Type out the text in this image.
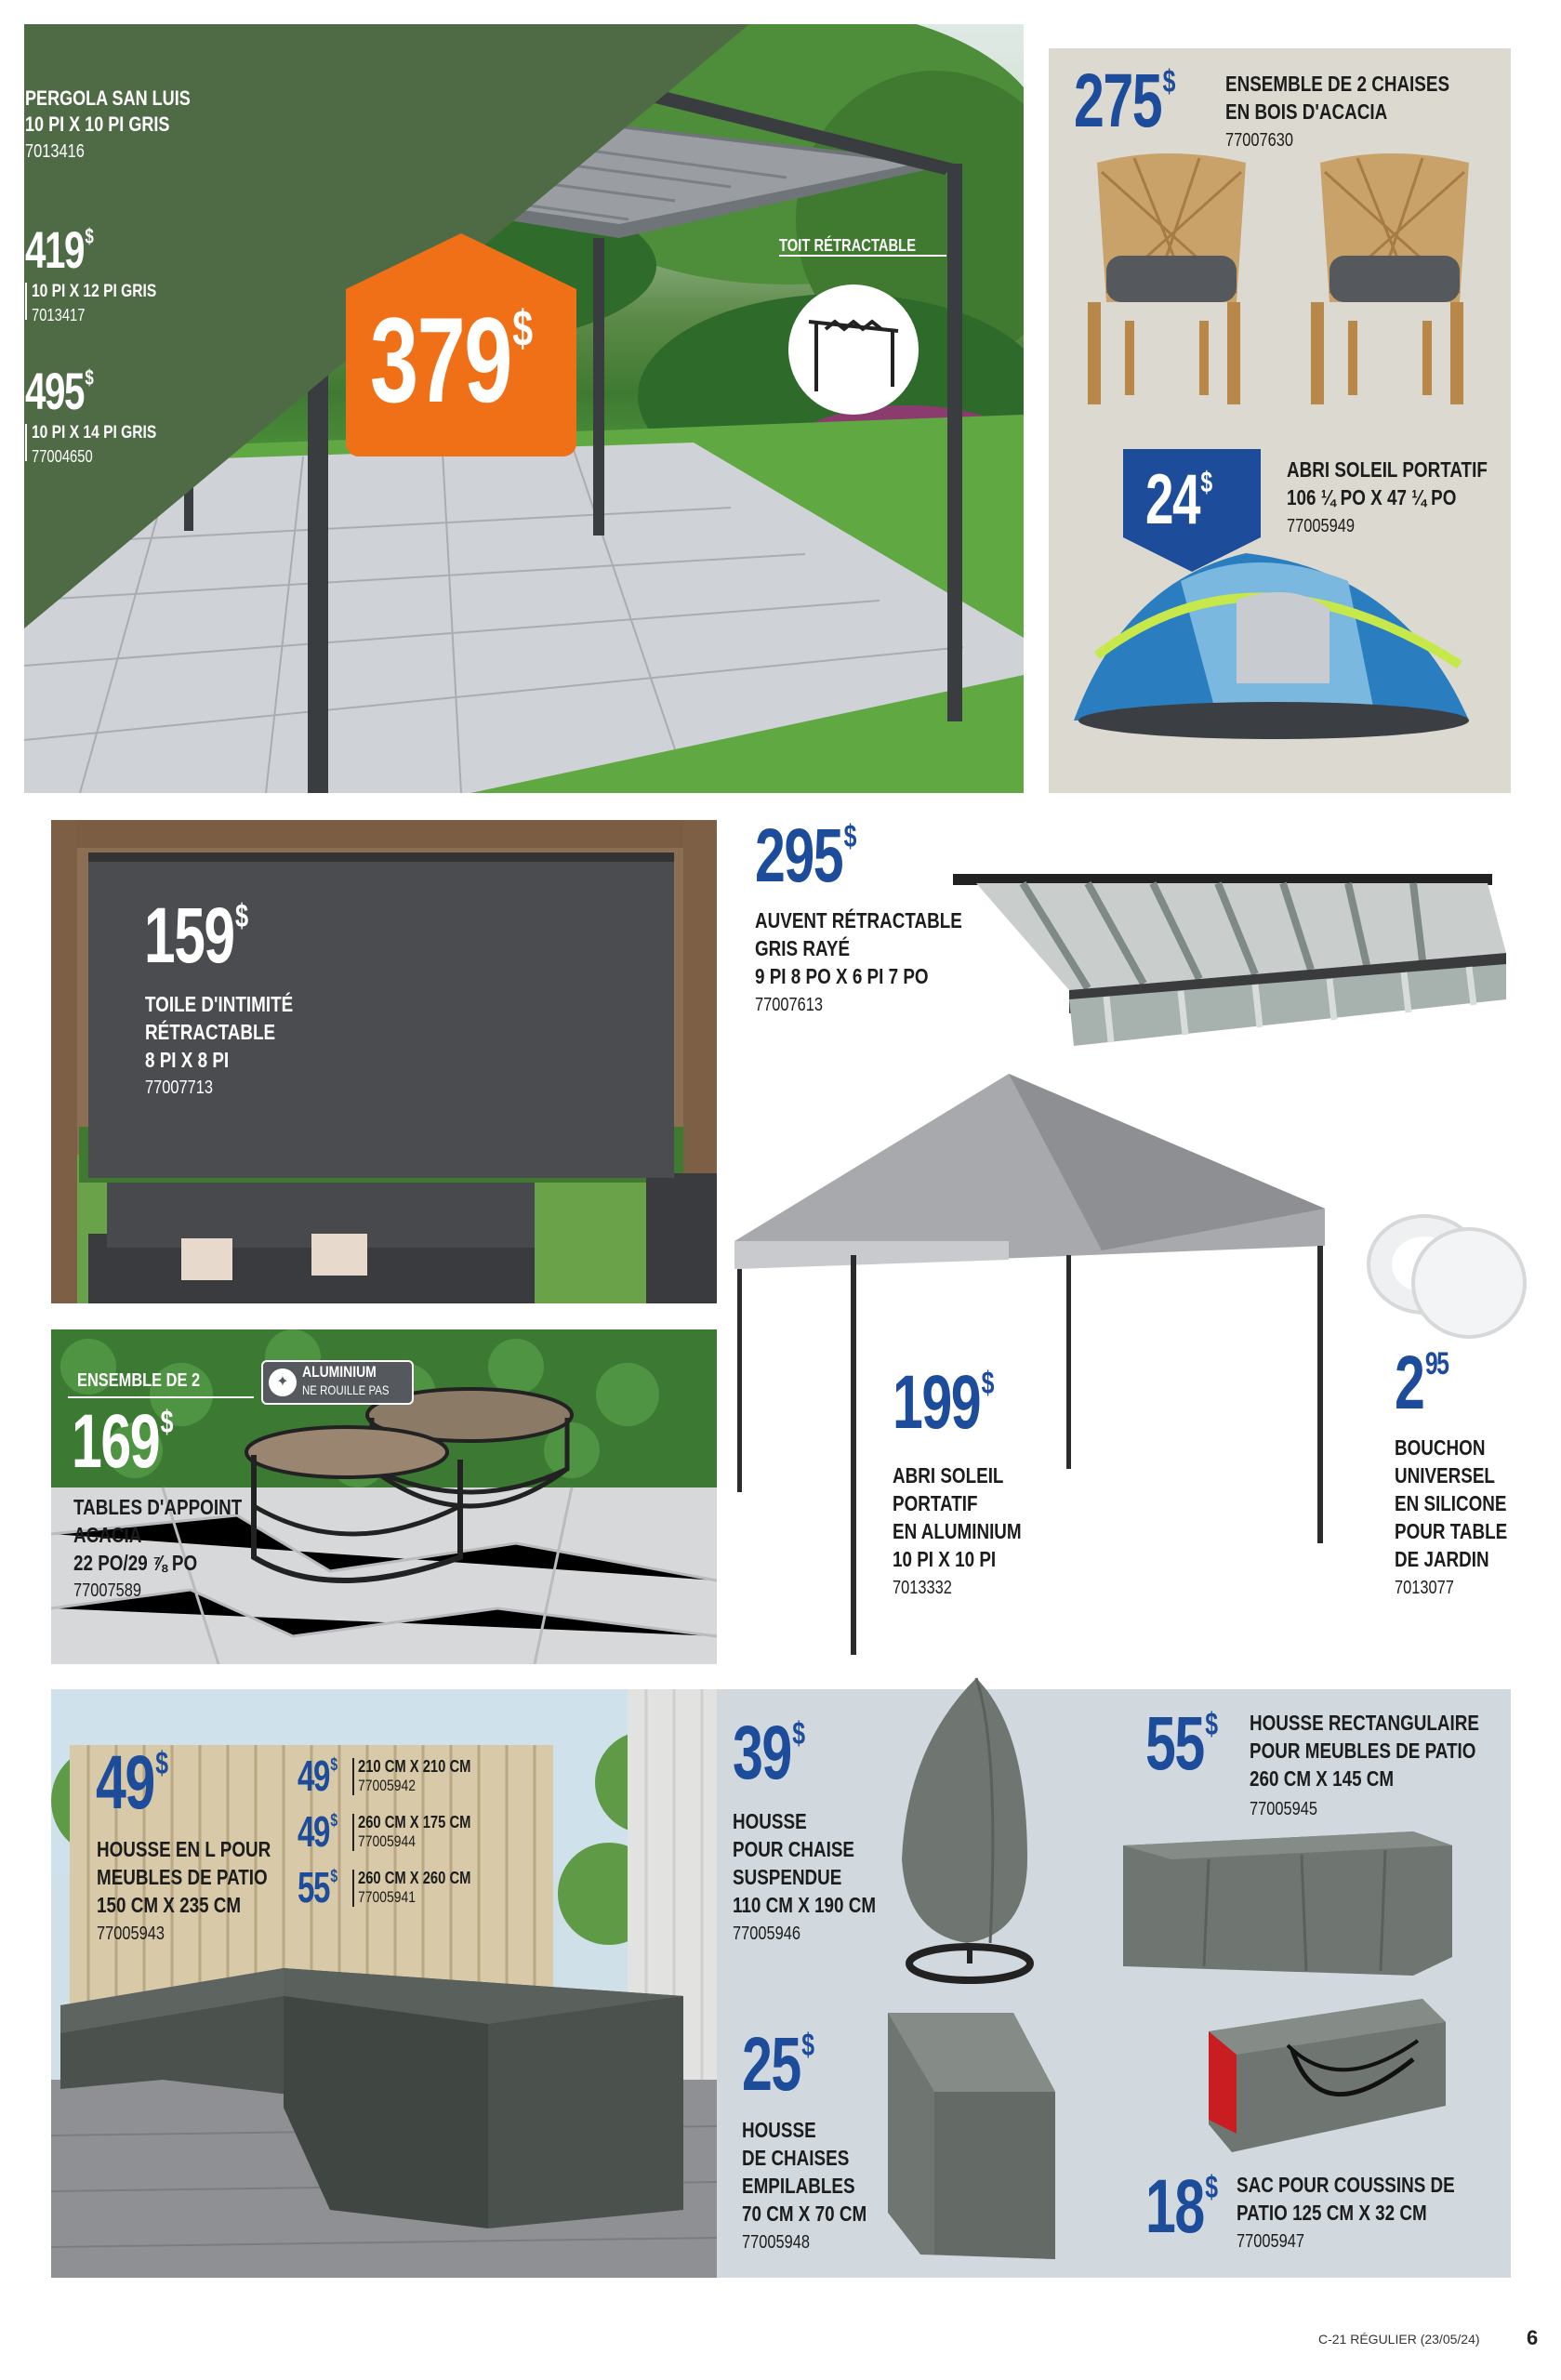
PERGOLA SAN LUIS
10 PI X 10 PI GRIS
7013416
419$
10 PI X 12 PI GRIS
7013417
495$
10 PI X 14 PI GRIS
77004650
379$
TOIT RÉTRACTABLE
275$ ENSEMBLE DE 2 CHAISES
EN BOIS D'ACACIA
77007630
24$	ABRI SOLEIL PORTATIF
106 ¼ PO X 47 ¼ PO
77005949
159$
TOILE D'INTIMITÉ
RÉTRACTABLE
8 PI X 8 PI
77007713
295$
AUVENT RÉTRACTABLE
GRIS RAYÉ
9 PI 8 PO X 6 PI 7 PO
77007613
199$
ABRI SOLEIL
PORTATIF
EN ALUMINIUM
10 PI X 10 PI
7013332
$2^{95}$
BOUCHON
UNIVERSEL
EN SILICONE
POUR TABLE
DE JARDIN
7013077
ENSEMBLE DE 2	✦
ALUMINIUM
NE ROUILLE PAS
169$
TABLES D'APPOINT
ACACIA
22 PO/29 ⅞ PO
77007589
49$
HOUSSE EN L POUR
MEUBLES DE PATIO
150 CM X 235 CM
77005943
49$ 210 CM X 210 CM
77005942
49$ 260 CM X 175 CM
77005944
55$ 260 CM X 260 CM
77005941
39$
HOUSSE
POUR CHAISE
SUSPENDUE
110 CM X 190 CM
77005946
55$ HOUSSE RECTANGULAIRE
POUR MEUBLES DE PATIO
260 CM X 145 CM
77005945
25$
HOUSSE
DE CHAISES
EMPILABLES
70 CM X 70 CM
77005948	18$ SAC POUR COUSSINS DE
PATIO 125 CM X 32 CM
77005947
C-21 RÉGULIER (23/05/24) 6
